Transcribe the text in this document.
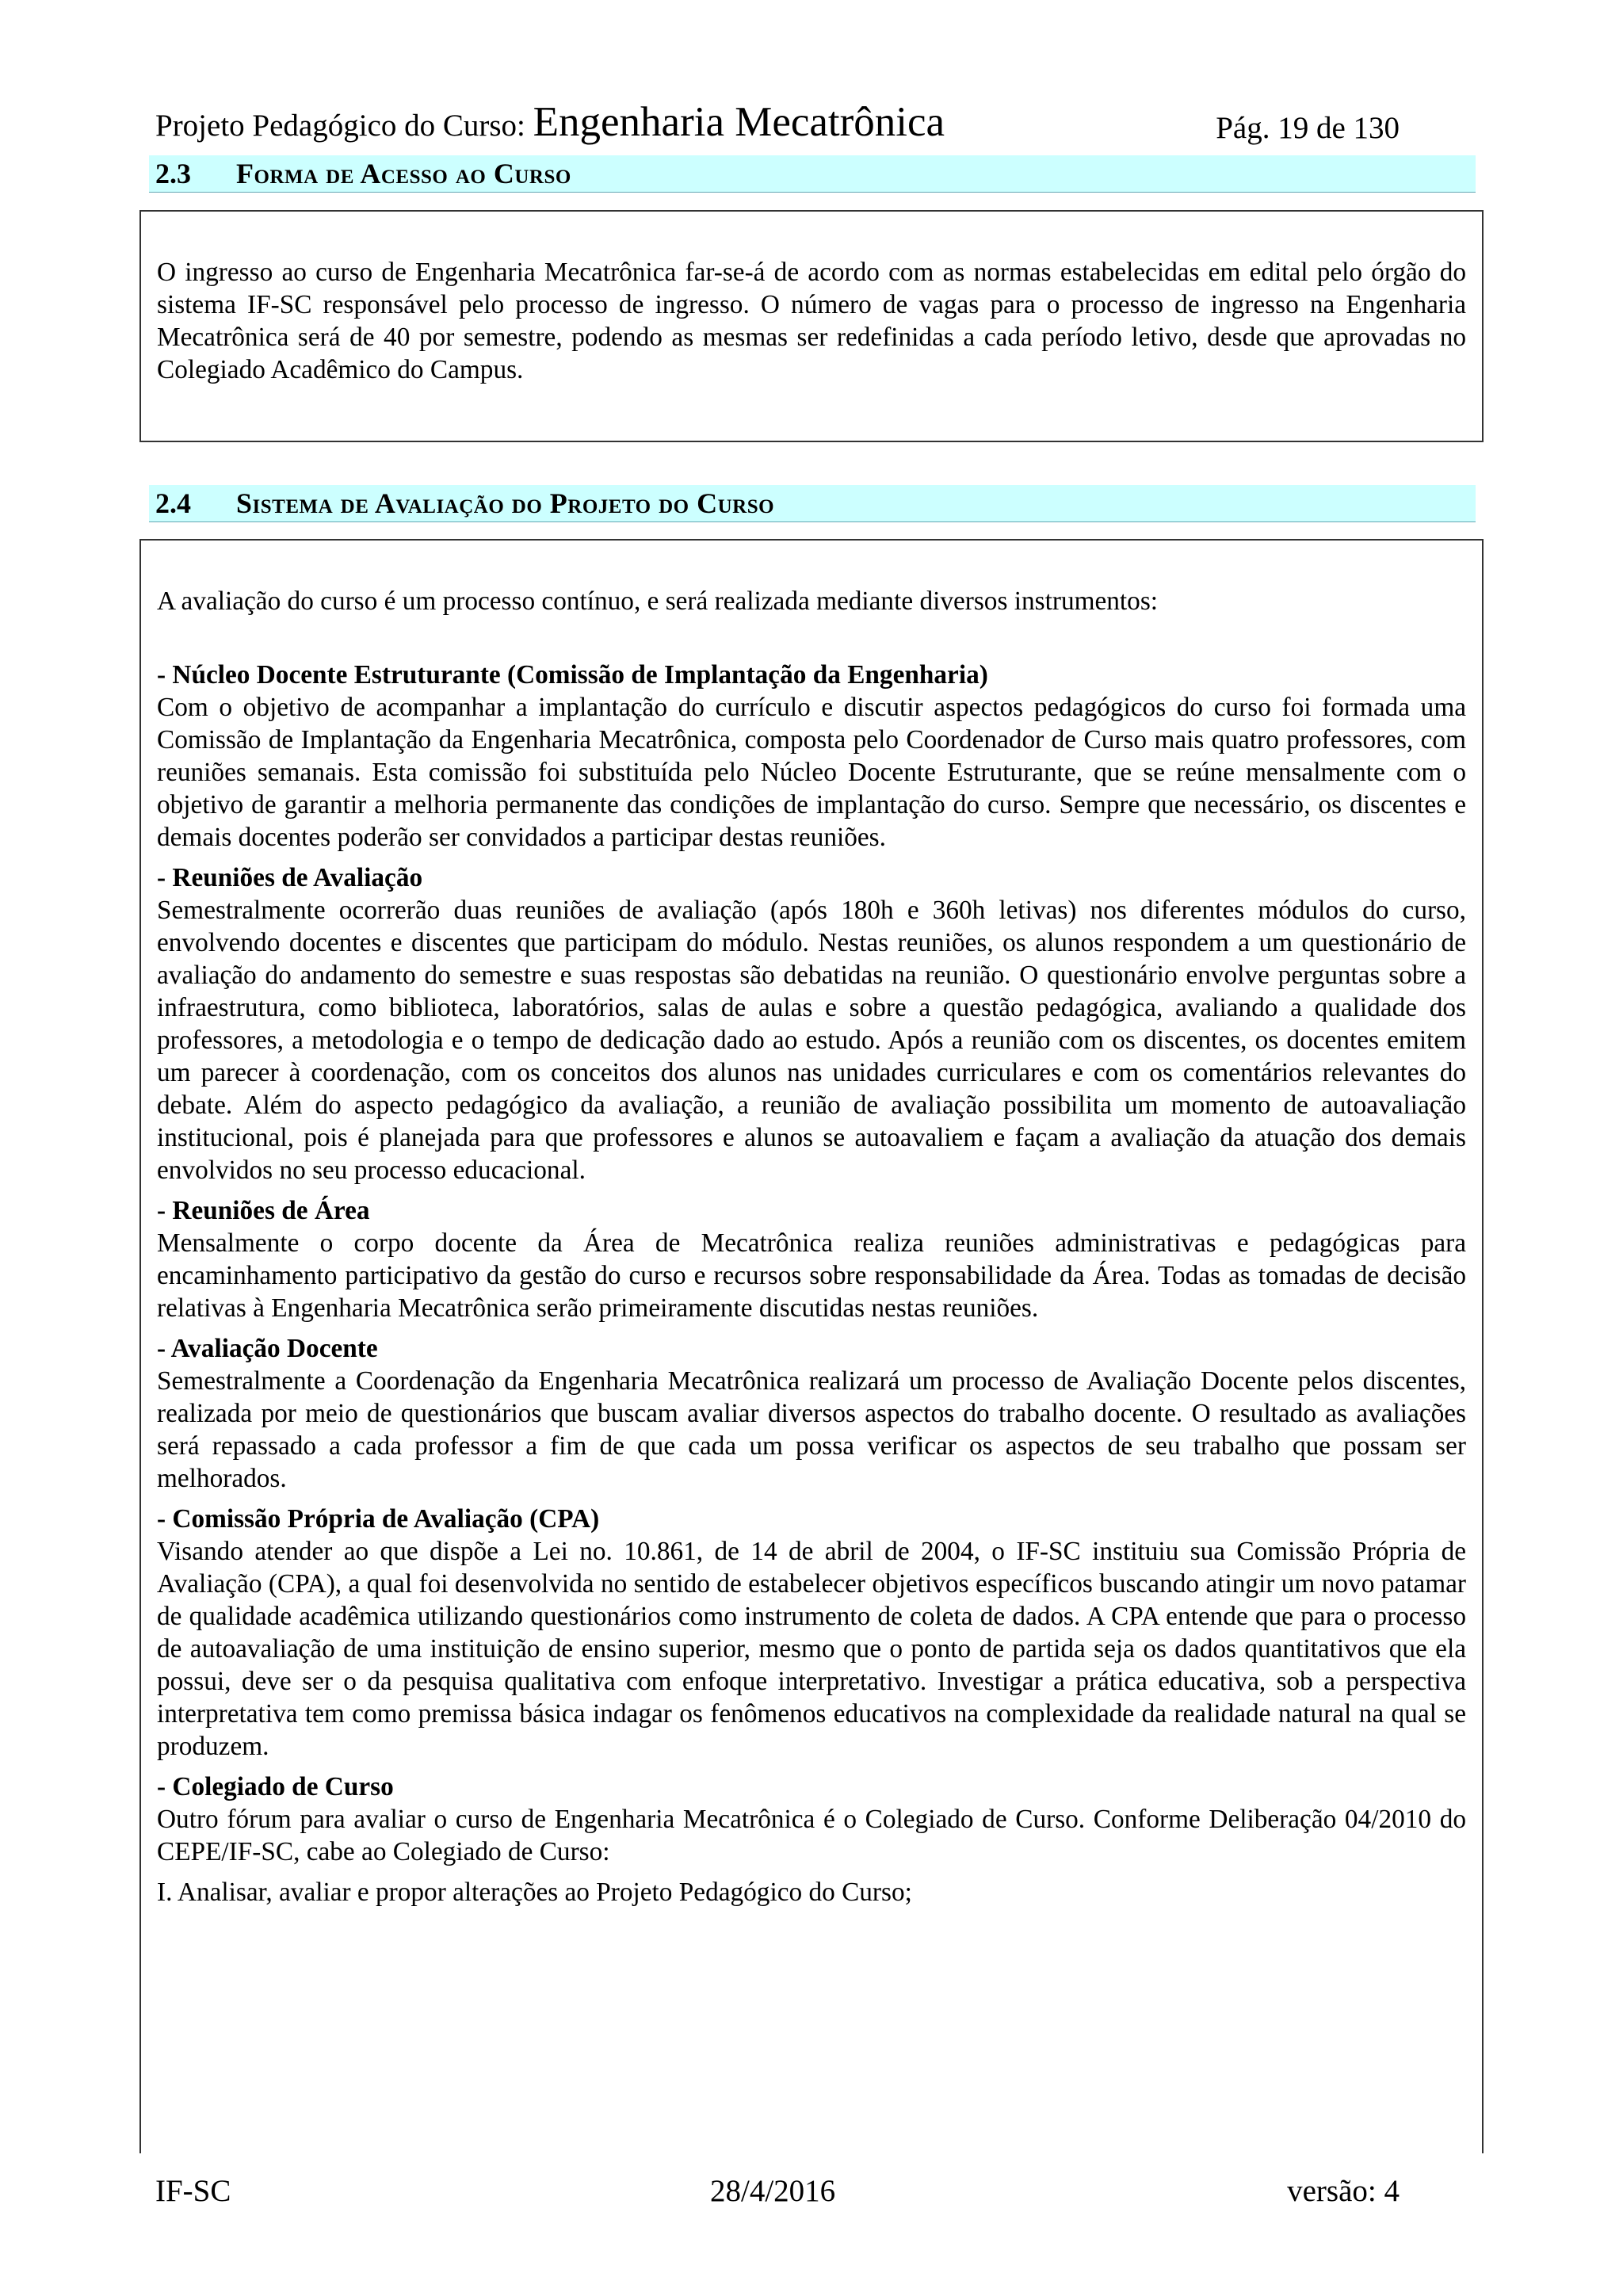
Projeto Pedagógico do Curso: Engenharia Mecatrônica	Pág. 19 de 130
2.3 Forma de Acesso ao Curso

O ingresso ao curso de Engenharia Mecatrônica far-se-á de acordo com as normas estabelecidas em edital pelo órgão do sistema IF-SC responsável pelo processo de ingresso. O número de vagas para o processo de ingresso na Engenharia Mecatrônica será de 40 por semestre, podendo as mesmas ser redefinidas a cada período letivo, desde que aprovadas no Colegiado Acadêmico do Campus.

2.4 Sistema de Avaliação do Projeto do Curso

A avaliação do curso é um processo contínuo, e será realizada mediante diversos instrumentos:

- Núcleo Docente Estruturante (Comissão de Implantação da Engenharia)

Com o objetivo de acompanhar a implantação do currículo e discutir aspectos pedagógicos do curso foi formada uma Comissão de Implantação da Engenharia Mecatrônica, composta pelo Coordenador de Curso mais quatro professores, com reuniões semanais. Esta comissão foi substituída pelo Núcleo Docente Estruturante, que se reúne mensalmente com o objetivo de garantir a melhoria permanente das condições de implantação do curso. Sempre que necessário, os discentes e demais docentes poderão ser convidados a participar destas reuniões.

- Reuniões de Avaliação

Semestralmente ocorrerão duas reuniões de avaliação (após 180h e 360h letivas) nos diferentes módulos do curso, envolvendo docentes e discentes que participam do módulo. Nestas reuniões, os alunos respondem a um questionário de avaliação do andamento do semestre e suas respostas são debatidas na reunião. O questionário envolve perguntas sobre a infraestrutura, como biblioteca, laboratórios, salas de aulas e sobre a questão pedagógica, avaliando a qualidade dos professores, a metodologia e o tempo de dedicação dado ao estudo. Após a reunião com os discentes, os docentes emitem um parecer à coordenação, com os conceitos dos alunos nas unidades curriculares e com os comentários relevantes do debate. Além do aspecto pedagógico da avaliação, a reunião de avaliação possibilita um momento de autoavaliação institucional, pois é planejada para que professores e alunos se autoavaliem e façam a avaliação da atuação dos demais envolvidos no seu processo educacional.

- Reuniões de Área

Mensalmente o corpo docente da Área de Mecatrônica realiza reuniões administrativas e pedagógicas para encaminhamento participativo da gestão do curso e recursos sobre responsabilidade da Área. Todas as tomadas de decisão relativas à Engenharia Mecatrônica serão primeiramente discutidas nestas reuniões.

- Avaliação Docente

Semestralmente a Coordenação da Engenharia Mecatrônica realizará um processo de Avaliação Docente pelos discentes, realizada por meio de questionários que buscam avaliar diversos aspectos do trabalho docente. O resultado as avaliações será repassado a cada professor a fim de que cada um possa verificar os aspectos de seu trabalho que possam ser melhorados.

- Comissão Própria de Avaliação (CPA)

Visando atender ao que dispõe a Lei no. 10.861, de 14 de abril de 2004, o IF-SC instituiu sua Comissão Própria de Avaliação (CPA), a qual foi desenvolvida no sentido de estabelecer objetivos específicos buscando atingir um novo patamar de qualidade acadêmica utilizando questionários como instrumento de coleta de dados. A CPA entende que para o processo de autoavaliação de uma instituição de ensino superior, mesmo que o ponto de partida seja os dados quantitativos que ela possui, deve ser o da pesquisa qualitativa com enfoque interpretativo. Investigar a prática educativa, sob a perspectiva interpretativa tem como premissa básica indagar os fenômenos educativos na complexidade da realidade natural na qual se produzem.

- Colegiado de Curso

Outro fórum para avaliar o curso de Engenharia Mecatrônica é o Colegiado de Curso. Conforme Deliberação 04/2010 do CEPE/IF-SC, cabe ao Colegiado de Curso:

I. Analisar, avaliar e propor alterações ao Projeto Pedagógico do Curso;

IF-SC	28/4/2016	versão: 4
